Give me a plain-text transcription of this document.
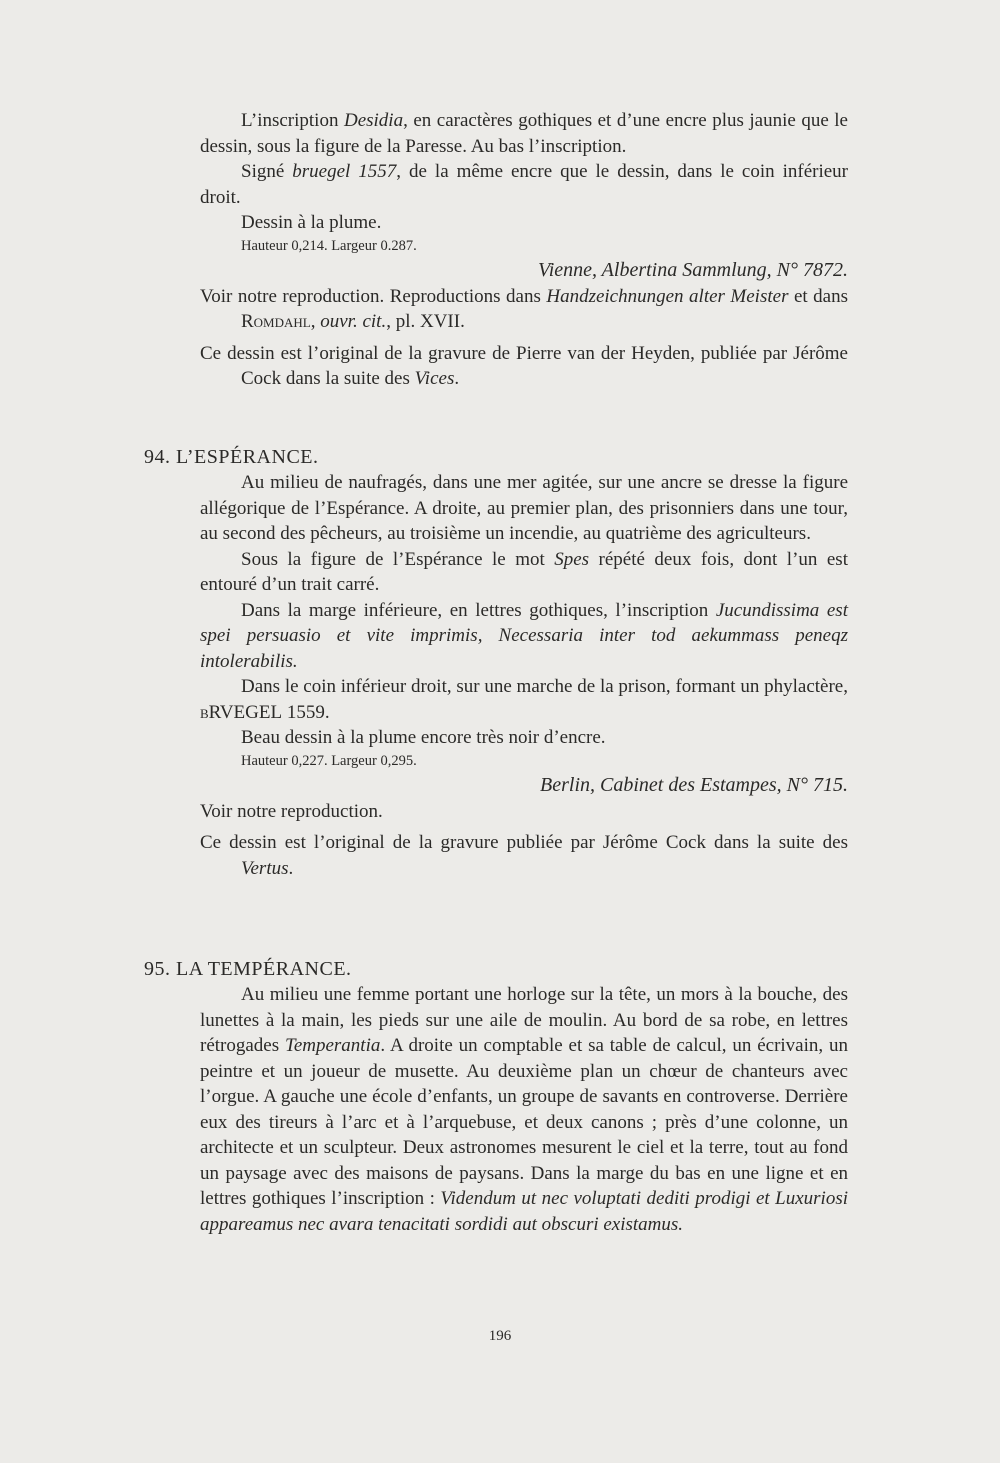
L’inscription Desidia, en caractères gothiques et d’une encre plus jaunie que le dessin, sous la figure de la Paresse. Au bas l’inscription.

Signé bruegel 1557, de la même encre que le dessin, dans le coin inférieur droit.

Dessin à la plume.

Hauteur 0,214. Largeur 0.287.

Vienne, Albertina Sammlung, N° 7872.

Voir notre reproduction. Reproductions dans Handzeichnungen alter Meister et dans Romdahl, ouvr. cit., pl. XVII.

Ce dessin est l’original de la gravure de Pierre van der Heyden, publiée par Jérôme Cock dans la suite des Vices.

94. L’ESPÉRANCE.

Au milieu de naufragés, dans une mer agitée, sur une ancre se dresse la figure allégorique de l’Espérance. A droite, au premier plan, des prisonniers dans une tour, au second des pêcheurs, au troisième un incendie, au quatrième des agriculteurs.

Sous la figure de l’Espérance le mot Spes répété deux fois, dont l’un est entouré d’un trait carré.

Dans la marge inférieure, en lettres gothiques, l’inscription Jucundissima est spei persuasio et vite imprimis, Necessaria inter tod aekummass peneqz intolerabilis.

Dans le coin inférieur droit, sur une marche de la prison, formant un phylactère, bRVEGEL 1559.

Beau dessin à la plume encore très noir d’encre.

Hauteur 0,227. Largeur 0,295.

Berlin, Cabinet des Estampes, N° 715.

Voir notre reproduction.

Ce dessin est l’original de la gravure publiée par Jérôme Cock dans la suite des Vertus.

95. LA TEMPÉRANCE.

Au milieu une femme portant une horloge sur la tête, un mors à la bouche, des lunettes à la main, les pieds sur une aile de moulin. Au bord de sa robe, en lettres rétrogades Temperantia. A droite un comptable et sa table de calcul, un écrivain, un peintre et un joueur de musette. Au deuxième plan un chœur de chanteurs avec l’orgue. A gauche une école d’enfants, un groupe de savants en controverse. Derrière eux des tireurs à l’arc et à l’arquebuse, et deux canons ; près d’une colonne, un architecte et un sculpteur. Deux astronomes mesurent le ciel et la terre, tout au fond un paysage avec des maisons de paysans. Dans la marge du bas en une ligne et en lettres gothiques l’inscription : Videndum ut nec voluptati dediti prodigi et Luxuriosi appareamus nec avara tenacitati sordidi aut obscuri existamus.

196
